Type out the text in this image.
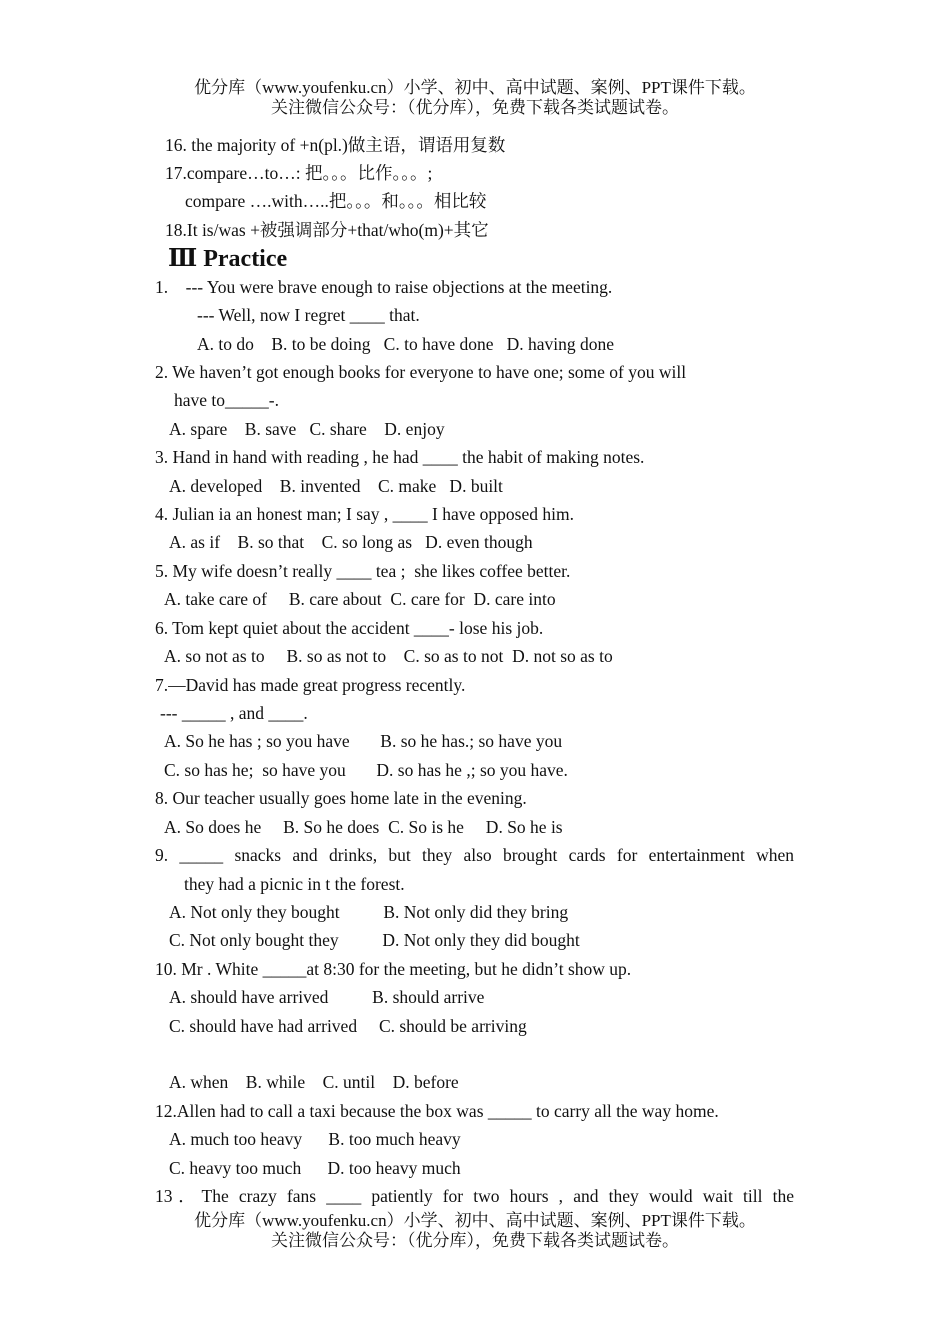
优分库（www.youfenku.cn）小学、初中、高中试题、案例、PPT课件下载。
关注微信公众号：（优分库），免费下载各类试题试卷。
16. the majority of +n(pl.)做主语，谓语用复数
17.compare…to…: 把。。。比作。。。;
compare ….with…..把。。。和。。。相比较
18.It is/was +被强调部分+that/who(m)+其它
Ⅲ Practice
1.    --- You were brave enough to raise objections at the meeting.
--- Well, now I regret ____ that.
A. to do    B. to be doing   C. to have done   D. having done
2. We haven’t got enough books for everyone to have one; some of you will
have to_____-.
A. spare    B. save   C. share    D. enjoy
3. Hand in hand with reading , he had ____ the habit of making notes.
A. developed    B. invented    C. make   D. built
4. Julian ia an honest man; I say , ____ I have opposed him.
A. as if    B. so that    C. so long as   D. even though
5. My wife doesn’t really ____ tea ;  she likes coffee better.
A. take care of     B. care about  C. care for  D. care into
6. Tom kept quiet about the accident ____- lose his job.
A. so not as to     B. so as not to    C. so as to not  D. not so as to
7.—David has made great progress recently.
--- _____ , and ____.
A. So he has ; so you have       B. so he has.; so have you
C. so has he;  so have you       D. so has he ,; so you have.
8. Our teacher usually goes home late in the evening.
A. So does he     B. So he does  C. So is he     D. So he is
9. _____ snacks and drinks, but they also brought cards for entertainment when
they had a picnic in t the forest.
A. Not only they bought          B. Not only did they bring
C. Not only bought they          D. Not only they did bought
10. Mr . White _____at 8:30 for the meeting, but he didn’t show up.
A. should have arrived          B. should arrive
C. should have had arrived     C. should be arriving
A. when    B. while    C. until    D. before
12.Allen had to call a taxi because the box was _____ to carry all the way home.
A. much too heavy      B. too much heavy
C. heavy too much      D. too heavy much
13．The crazy fans ____ patiently for two hours , and they would wait till the
优分库（www.youfenku.cn）小学、初中、高中试题、案例、PPT课件下载。
关注微信公众号：（优分库），免费下载各类试题试卷。
